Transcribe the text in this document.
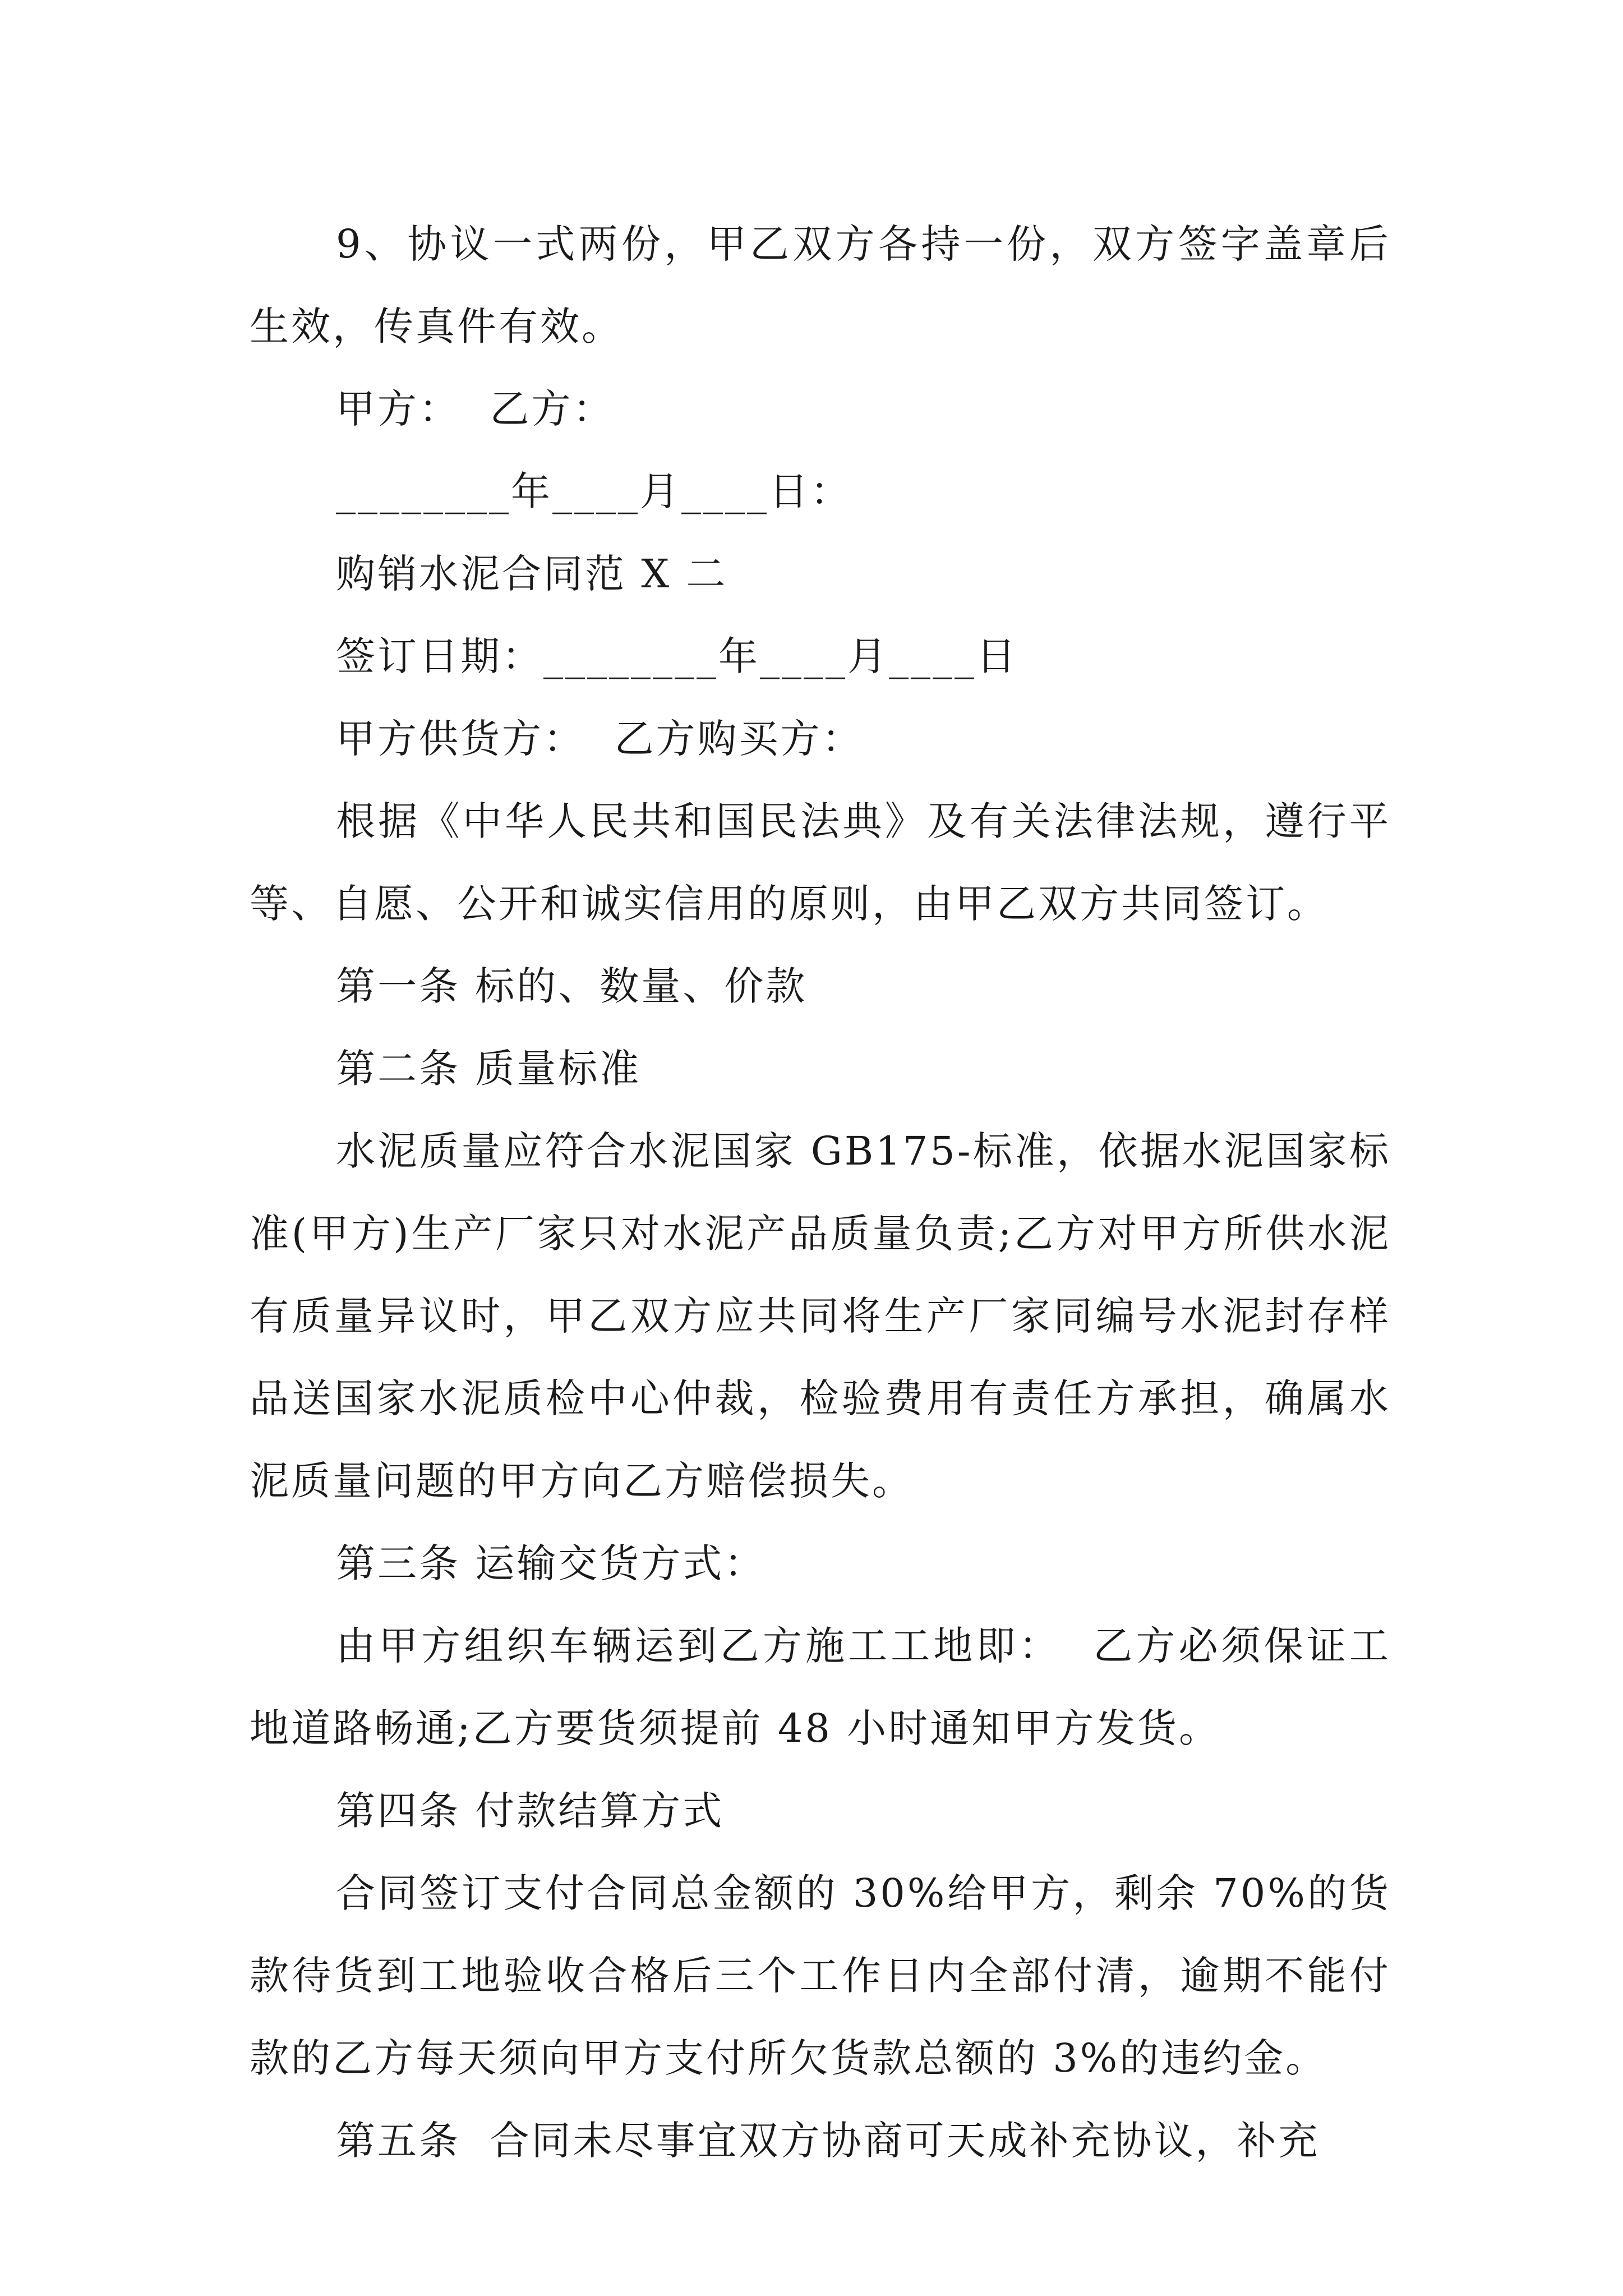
9、协议一式两份，甲乙双方各持一份，双方签字盖章后生效，传真件有效。

甲方：  乙方：

________年____月____日：

购销水泥合同范 X 二

签订日期：________年____月____日

甲方供货方：  乙方购买方：

根据《中华人民共和国民法典》及有关法律法规，遵行平等、自愿、公开和诚实信用的原则，由甲乙双方共同签订。

第一条 标的、数量、价款

第二条 质量标准

水泥质量应符合水泥国家 GB175-标准，依据水泥国家标准(甲方)生产厂家只对水泥产品质量负责;乙方对甲方所供水泥有质量异议时，甲乙双方应共同将生产厂家同编号水泥封存样品送国家水泥质检中心仲裁，检验费用有责任方承担，确属水泥质量问题的甲方向乙方赔偿损失。

第三条 运输交货方式：

由甲方组织车辆运到乙方施工工地即：  乙方必须保证工地道路畅通;乙方要货须提前 48 小时通知甲方发货。

第四条 付款结算方式

合同签订支付合同总金额的 30%给甲方，剩余 70%的货款待货到工地验收合格后三个工作日内全部付清，逾期不能付款的乙方每天须向甲方支付所欠货款总额的 3%的违约金。

第五条  合同未尽事宜双方协商可天成补充协议，补充
